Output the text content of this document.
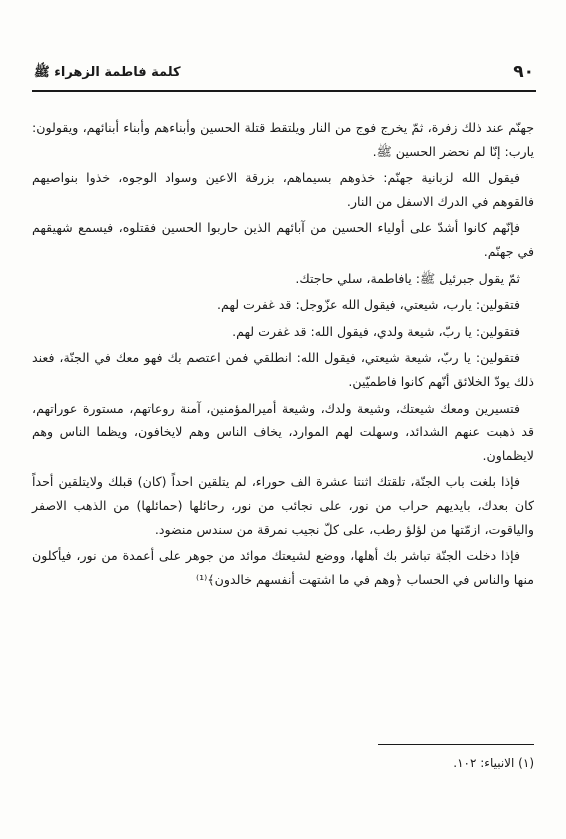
٩٠
كلمة فاطمة الزهراء ﷺ

جهنّم عند ذلك زفرة، ثمّ يخرج فوج من النار ويلتقط قتلة الحسين وأبناءهم وأبناء أبنائهم، ويقولون: يارب: إنّا لم نحضر الحسين ﷺ.

فيقول الله لزبانية جهنّم: خذوهم بسيماهم، بزرقة الاعين وسواد الوجوه، خذوا بنواصيهم فالقوهم في الدرك الاسفل من النار.

فإنّهم كانوا أشدّ على أولياء الحسين من آبائهم الذين حاربوا الحسين فقتلوه، فيسمع شهيقهم في جهنّم.

ثمّ يقول جبرئيل ﷺ: يافاطمة، سلي حاجتك.

فتقولين: يارب، شيعتي، فيقول الله عزّوجل: قد غفرت لهم.

فتقولين: يا ربّ، شيعة ولدي، فيقول الله: قد غفرت لهم.

فتقولين: يا ربّ، شيعة شيعتي، فيقول الله: انطلقي فمن اعتصم بك فهو معك في الجنّة، فعند ذلك يودّ الخلائق أنّهم كانوا فاطميّين.

فتسيرين ومعك شيعتك، وشيعة ولدك، وشيعة أميرالمؤمنين، آمنة روعاتهم، مستورة عوراتهم، قد ذهبت عنهم الشدائد، وسهلت لهم الموارد، يخاف الناس وهم لايخافون، ويظما الناس وهم لايظماون.

فإذا بلغت باب الجنّة، تلقتك اثنتا عشرة الف حوراء، لم يتلقين احداً (كان) قبلك ولايتلقين أحداً كان بعدك، بايديهم حراب من نور، على نجائب من نور، رحائلها (حمائلها) من الذهب الاصفر والياقوت، ازمّتها من لؤلؤ رطب، على كلّ نجيب نمرقة من سندس منضود.

فإذا دخلت الجنّة تباشر بك أهلها، ووضع لشيعتك موائد من جوهر على أعمدة من نور، فيأكلون منها والناس في الحساب ﴿وهم في ما اشتهت أنفسهم خالدون﴾⁽¹⁾

(١) الانبياء: ١٠٢.
